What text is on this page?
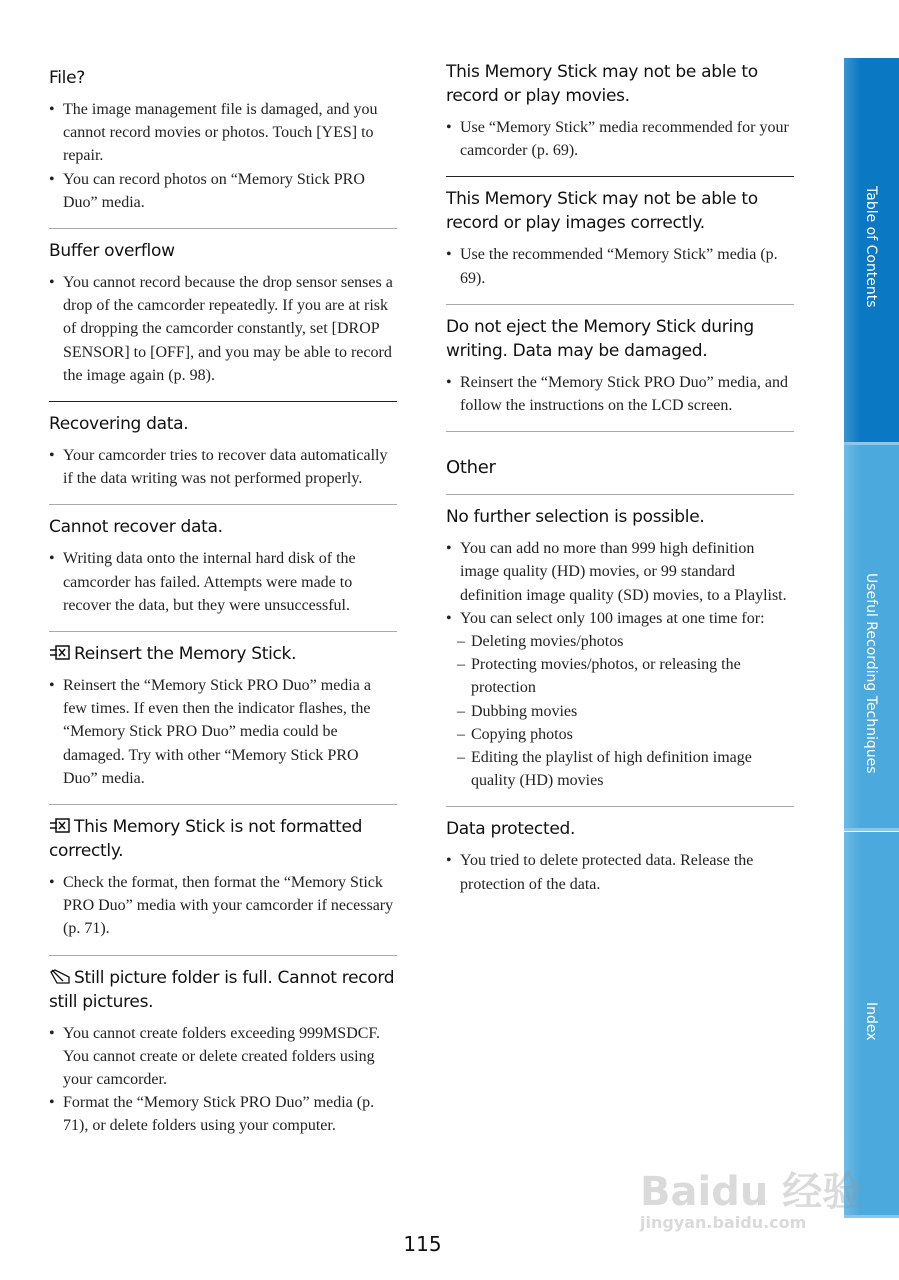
File?
• The image management file is damaged, and you cannot record movies or photos. Touch [YES] to repair.
• You can record photos on “Memory Stick PRO Duo” media.
Buffer overflow
• You cannot record because the drop sensor senses a drop of the camcorder repeatedly. If you are at risk of dropping the camcorder constantly, set [DROP SENSOR] to [OFF], and you may be able to record the image again (p. 98).
Recovering data.
• Your camcorder tries to recover data automatically if the data writing was not performed properly.
Cannot recover data.
• Writing data onto the internal hard disk of the camcorder has failed. Attempts were made to recover the data, but they were unsuccessful.
Reinsert the Memory Stick.
• Reinsert the “Memory Stick PRO Duo” media a few times. If even then the indicator flashes, the “Memory Stick PRO Duo” media could be damaged. Try with other “Memory Stick PRO Duo” media.
This Memory Stick is not formatted correctly.
• Check the format, then format the “Memory Stick PRO Duo” media with your camcorder if necessary (p. 71).
Still picture folder is full. Cannot record still pictures.
• You cannot create folders exceeding 999MSDCF. You cannot create or delete created folders using your camcorder.
• Format the “Memory Stick PRO Duo” media (p. 71), or delete folders using your computer.
This Memory Stick may not be able to record or play movies.
• Use “Memory Stick” media recommended for your camcorder (p. 69).
This Memory Stick may not be able to record or play images correctly.
• Use the recommended “Memory Stick” media (p. 69).
Do not eject the Memory Stick during writing. Data may be damaged.
• Reinsert the “Memory Stick PRO Duo” media, and follow the instructions on the LCD screen.
Other
No further selection is possible.
• You can add no more than 999 high definition image quality (HD) movies, or 99 standard definition image quality (SD) movies, to a Playlist.
• You can select only 100 images at one time for:
– Deleting movies/photos
– Protecting movies/photos, or releasing the protection
– Dubbing movies
– Copying photos
– Editing the playlist of high definition image quality (HD) movies
Data protected.
• You tried to delete protected data. Release the protection of the data.
Table of Contents
Useful Recording Techniques
Index
115
Baidu 经验
jingyan.baidu.com
